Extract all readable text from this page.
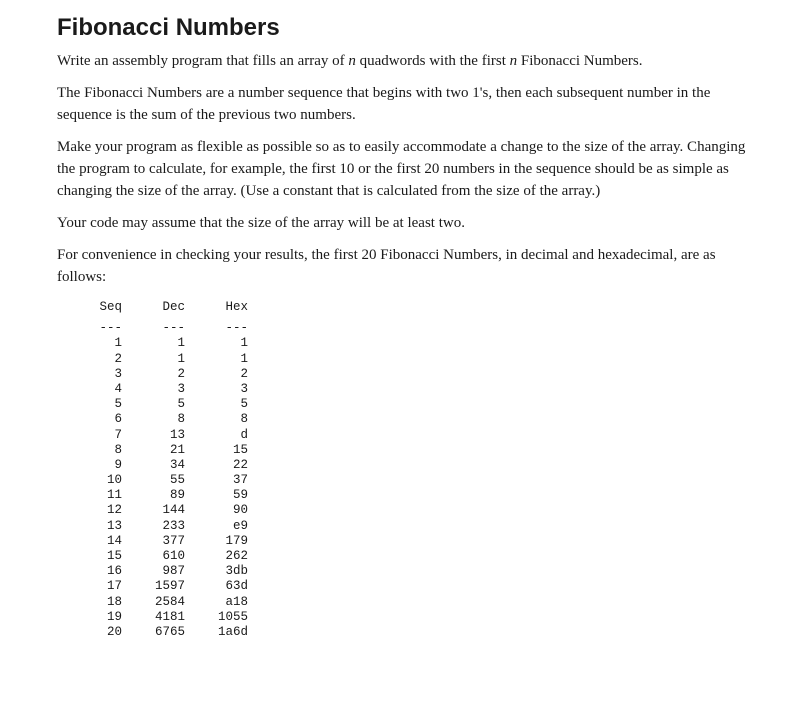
Fibonacci Numbers

Write an assembly program that fills an array of n quadwords with the first n Fibonacci Numbers.

The Fibonacci Numbers are a number sequence that begins with two 1's, then each subsequent number in the sequence is the sum of the previous two numbers.

Make your program as flexible as possible so as to easily accommodate a change to the size of the array. Changing the program to calculate, for example, the first 10 or the first 20 numbers in the sequence should be as simple as changing the size of the array. (Use a constant that is calculated from the size of the array.)

Your code may assume that the size of the array will be at least two.

For convenience in checking your results, the first 20 Fibonacci Numbers, in decimal and hexadecimal, are as follows:

Seq	Dec	Hex
---	---	---
1	1	1
2	1	1
3	2	2
4	3	3
5	5	5
6	8	8
7	13	d
8	21	15
9	34	22
10	55	37
11	89	59
12	144	90
13	233	e9
14	377	179
15	610	262
16	987	3db
17	1597	63d
18	2584	a18
19	4181	1055
20	6765	1a6d
